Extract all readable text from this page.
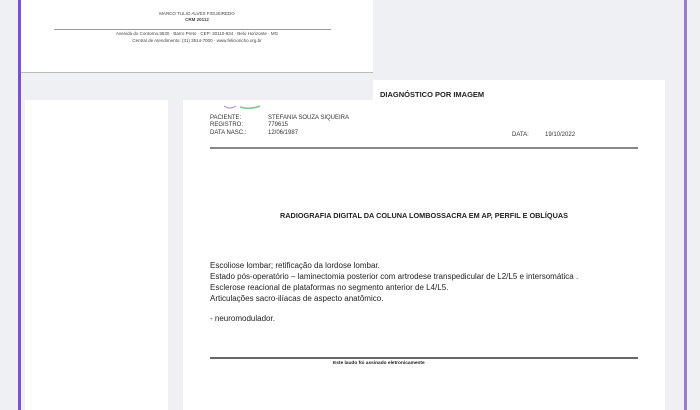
DIAGNÓSTICO POR IMAGEM
PACIENTE:	STEFANIA SOUZA SIQUEIRA
REGISTRO:	779615
DATA NASC.:	12/06/1987	DATA:	19/10/2022
RADIOGRAFIA DIGITAL DA COLUNA LOMBOSSACRA EM AP, PERFIL E OBLÍQUAS
Escoliose lombar; retificação da lordose lombar.
Estado pós-operatório – laminectomia posterior com artrodese transpedicular de L2/L5 e intersomática .
Esclerose reacional de plataformas no segmento anterior de L4/L5.
Articulações sacro-ilíacas de aspecto anatômico.
- neuromodulador.
Este laudo foi assinado eletronicamente
MARCO TULIO ALVES FIGUEIREDO
CRM 20112
Avenida do Contorno,9530 · Barro Preto · CEP: 30110-934 · Belo Horizonte · MG
Central de Atendimento: (31) 3514-7000 · www.felicioricho.org.br
